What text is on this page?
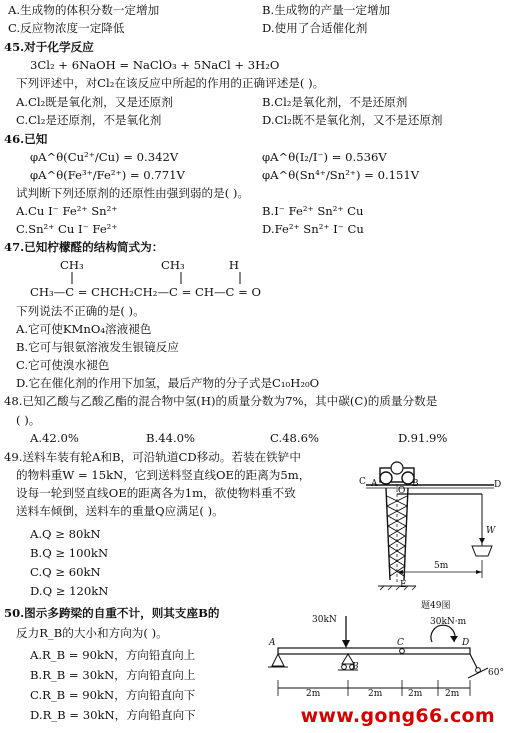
A.生成物的体积分数一定增加	B.生成物的产量一定增加
C.反应物浓度一定降低	D.使用了合适催化剂
45.对于化学反应
3Cl₂ + 6NaOH = NaClO₃ + 5NaCl + 3H₂O
下列评述中，对Cl₂在该反应中所起的作用的正确评述是( )。
A.Cl₂既是氧化剂，又是还原剂	B.Cl₂是氧化剂，不是还原剂
C.Cl₂是还原剂，不是氧化剂	D.Cl₂既不是氧化剂，又不是还原剂
46.已知
φA^θ(Cu²⁺/Cu) = 0.342V	φA^θ(I₂/I⁻) = 0.536V
φA^θ(Fe³⁺/Fe²⁺) = 0.771V	φA^θ(Sn⁴⁺/Sn²⁺) = 0.151V
试判断下列还原剂的还原性由强到弱的是( )。
A.Cu I⁻ Fe²⁺ Sn²⁺	B.I⁻ Fe²⁺ Sn²⁺ Cu
C.Sn²⁺ Cu I⁻ Fe²⁺	D.Fe²⁺ Sn²⁺ I⁻ Cu
47.已知柠檬醛的结构简式为：
CH₃                     CH₃            H
CH₃—C = CHCH₂CH₂—C = CH—C = O
下列说法不正确的是( )。
A.它可使KMnO₄溶液褪色
B.它可与银氨溶液发生银镜反应
C.它可使溴水褪色
D.它在催化剂的作用下加氢，最后产物的分子式是C₁₀H₂₀O
48.已知乙酸与乙酸乙酯的混合物中氢(H)的质量分数为7%，其中碳(C)的质量分数是
( )。
A.42.0%	B.44.0%	C.48.6%	D.91.9%
49.送料车装有轮A和B，可沿轨道CD移动。若装在铁铲中
的物料重W = 15kN，它到送料竖直线OE的距离为5m，
设每一轮到竖直线OE的距离各为1m，欲使物料重不致
送料车倾倒，送料车的重量Q应满足( )。
A.Q ≥ 80kN
B.Q ≥ 100kN
C.Q ≥ 60kN
D.Q ≥ 120kN
C A	B	D
O
E
W
5m
题49图
50.图示多跨梁的自重不计，则其支座B的
反力R_B的大小和方向为( )。
A.R_B = 90kN，方向铅直向上
B.R_B = 30kN，方向铅直向上
C.R_B = 90kN，方向铅直向下
D.R_B = 30kN，方向铅直向下
30kN	30kN·m
A
B
C	D
60°
2m	2m	2m	2m
www.gong66.com
